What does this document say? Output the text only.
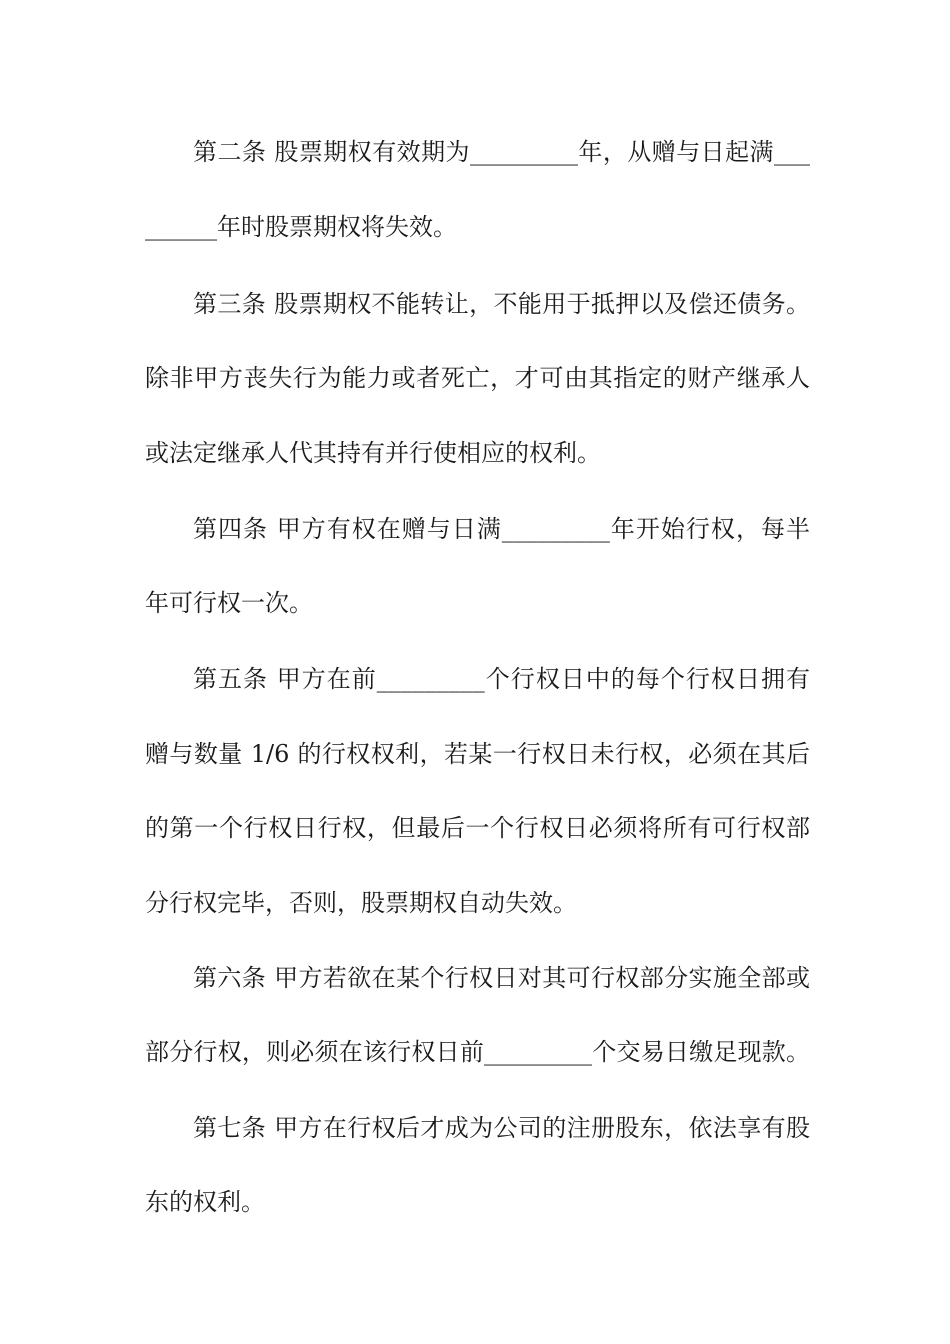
第二条 股票期权有效期为_________年，从赠与日起满___
______年时股票期权将失效。
第三条 股票期权不能转让，不能用于抵押以及偿还债务。
除非甲方丧失行为能力或者死亡，才可由其指定的财产继承人
或法定继承人代其持有并行使相应的权利。
第四条 甲方有权在赠与日满_________年开始行权，每半
年可行权一次。
第五条 甲方在前_________个行权日中的每个行权日拥有
赠与数量 1/6 的行权权利，若某一行权日未行权，必须在其后
的第一个行权日行权，但最后一个行权日必须将所有可行权部
分行权完毕，否则，股票期权自动失效。
第六条 甲方若欲在某个行权日对其可行权部分实施全部或
部分行权，则必须在该行权日前_________个交易日缴足现款。
第七条 甲方在行权后才成为公司的注册股东，依法享有股
东的权利。
